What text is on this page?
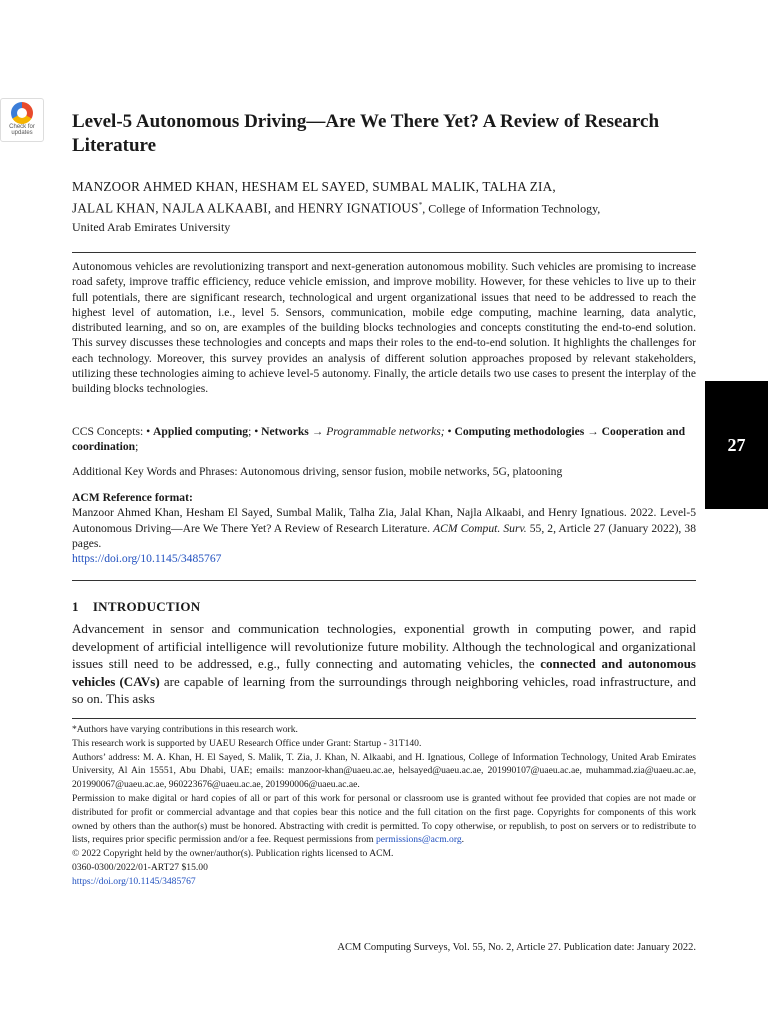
Check for
updates
Level-5 Autonomous Driving—Are We There Yet? A Review of Research Literature
MANZOOR AHMED KHAN, HESHAM EL SAYED, SUMBAL MALIK, TALHA ZIA,
JALAL KHAN, NAJLA ALKAABI, and HENRY IGNATIOUS*, College of Information Technology,
United Arab Emirates University
Autonomous vehicles are revolutionizing transport and next-generation autonomous mobility. Such vehicles are promising to increase road safety, improve traffic efficiency, reduce vehicle emission, and improve mobility. However, for these vehicles to live up to their full potentials, there are significant research, technological and urgent organizational issues that need to be addressed to reach the highest level of automation, i.e., level 5. Sensors, communication, mobile edge computing, machine learning, data analytic, distributed learning, and so on, are examples of the building blocks technologies and concepts constituting the end-to-end solution. This survey discusses these technologies and concepts and maps their roles to the end-to-end solution. It highlights the challenges for each technology. Moreover, this survey provides an analysis of different solution approaches proposed by relevant stakeholders, utilizing these technologies aiming to achieve level-5 autonomy. Finally, the article details two use cases to present the interplay of the building blocks technologies.
CCS Concepts: • Applied computing; • Networks → Programmable networks; • Computing methodologies → Cooperation and coordination;
Additional Key Words and Phrases: Autonomous driving, sensor fusion, mobile networks, 5G, platooning
ACM Reference format:
Manzoor Ahmed Khan, Hesham El Sayed, Sumbal Malik, Talha Zia, Jalal Khan, Najla Alkaabi, and Henry Ignatious. 2022. Level-5 Autonomous Driving—Are We There Yet? A Review of Research Literature. ACM Comput. Surv. 55, 2, Article 27 (January 2022), 38 pages.
https://doi.org/10.1145/3485767
27
1 INTRODUCTION
Advancement in sensor and communication technologies, exponential growth in computing power, and rapid development of artificial intelligence will revolutionize future mobility. Although the technological and organizational issues still need to be addressed, e.g., fully connecting and automating vehicles, the connected and autonomous vehicles (CAVs) are capable of learning from the surroundings through neighboring vehicles, road infrastructure, and so on. This asks
*Authors have varying contributions in this research work.
This research work is supported by UAEU Research Office under Grant: Startup - 31T140.
Authors’ address: M. A. Khan, H. El Sayed, S. Malik, T. Zia, J. Khan, N. Alkaabi, and H. Ignatious, College of Information Technology, United Arab Emirates University, Al Ain 15551, Abu Dhabi, UAE; emails: manzoor-khan@uaeu.ac.ae, helsayed@uaeu.ac.ae, 201990107@uaeu.ac.ae, muhammad.zia@uaeu.ac.ae, 201990067@uaeu.ac.ae, 960223676@uaeu.ac.ae, 201990006@uaeu.ac.ae.
Permission to make digital or hard copies of all or part of this work for personal or classroom use is granted without fee provided that copies are not made or distributed for profit or commercial advantage and that copies bear this notice and the full citation on the first page. Copyrights for components of this work owned by others than the author(s) must be honored. Abstracting with credit is permitted. To copy otherwise, or republish, to post on servers or to redistribute to lists, requires prior specific permission and/or a fee. Request permissions from permissions@acm.org.
© 2022 Copyright held by the owner/author(s). Publication rights licensed to ACM.
0360-0300/2022/01-ART27 $15.00
https://doi.org/10.1145/3485767
ACM Computing Surveys, Vol. 55, No. 2, Article 27. Publication date: January 2022.
